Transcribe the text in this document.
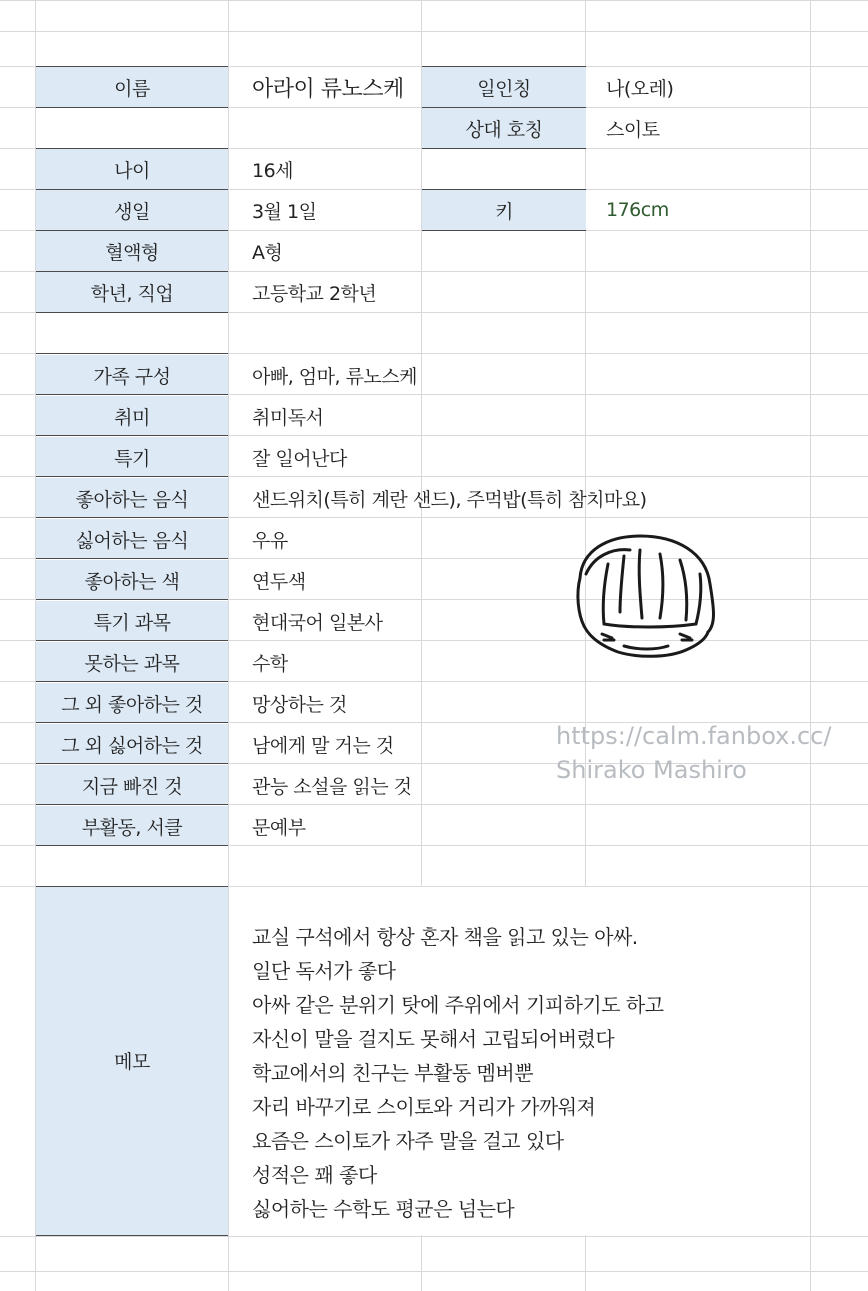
이름	아라이 류노스케	일인칭	나(오레)
상대 호칭	스이토
나이	16세
생일	3월 1일	키	176cm
혈액형	A형
학년, 직업	고등학교 2학년
가족 구성	아빠, 엄마, 류노스케
취미	취미독서
특기	잘 일어난다
좋아하는 음식	샌드위치(특히 계란 샌드), 주먹밥(특히 참치마요)
싫어하는 음식	우유
좋아하는 색	연두색
특기 과목	현대국어 일본사
못하는 과목	수학
그 외 좋아하는 것	망상하는 것
그 외 싫어하는 것	남에게 말 거는 것
지금 빠진 것	관능 소설을 읽는 것
부활동, 서클	문예부
메모
교실 구석에서 항상 혼자 책을 읽고 있는 아싸.
일단 독서가 좋다
아싸 같은 분위기 탓에 주위에서 기피하기도 하고
자신이 말을 걸지도 못해서 고립되어버렸다
학교에서의 친구는 부활동 멤버뿐
자리 바꾸기로 스이토와 거리가 가까워져
요즘은 스이토가 자주 말을 걸고 있다
성적은 꽤 좋다
싫어하는 수학도 평균은 넘는다
https://calm.fanbox.cc/
Shirako Mashiro
